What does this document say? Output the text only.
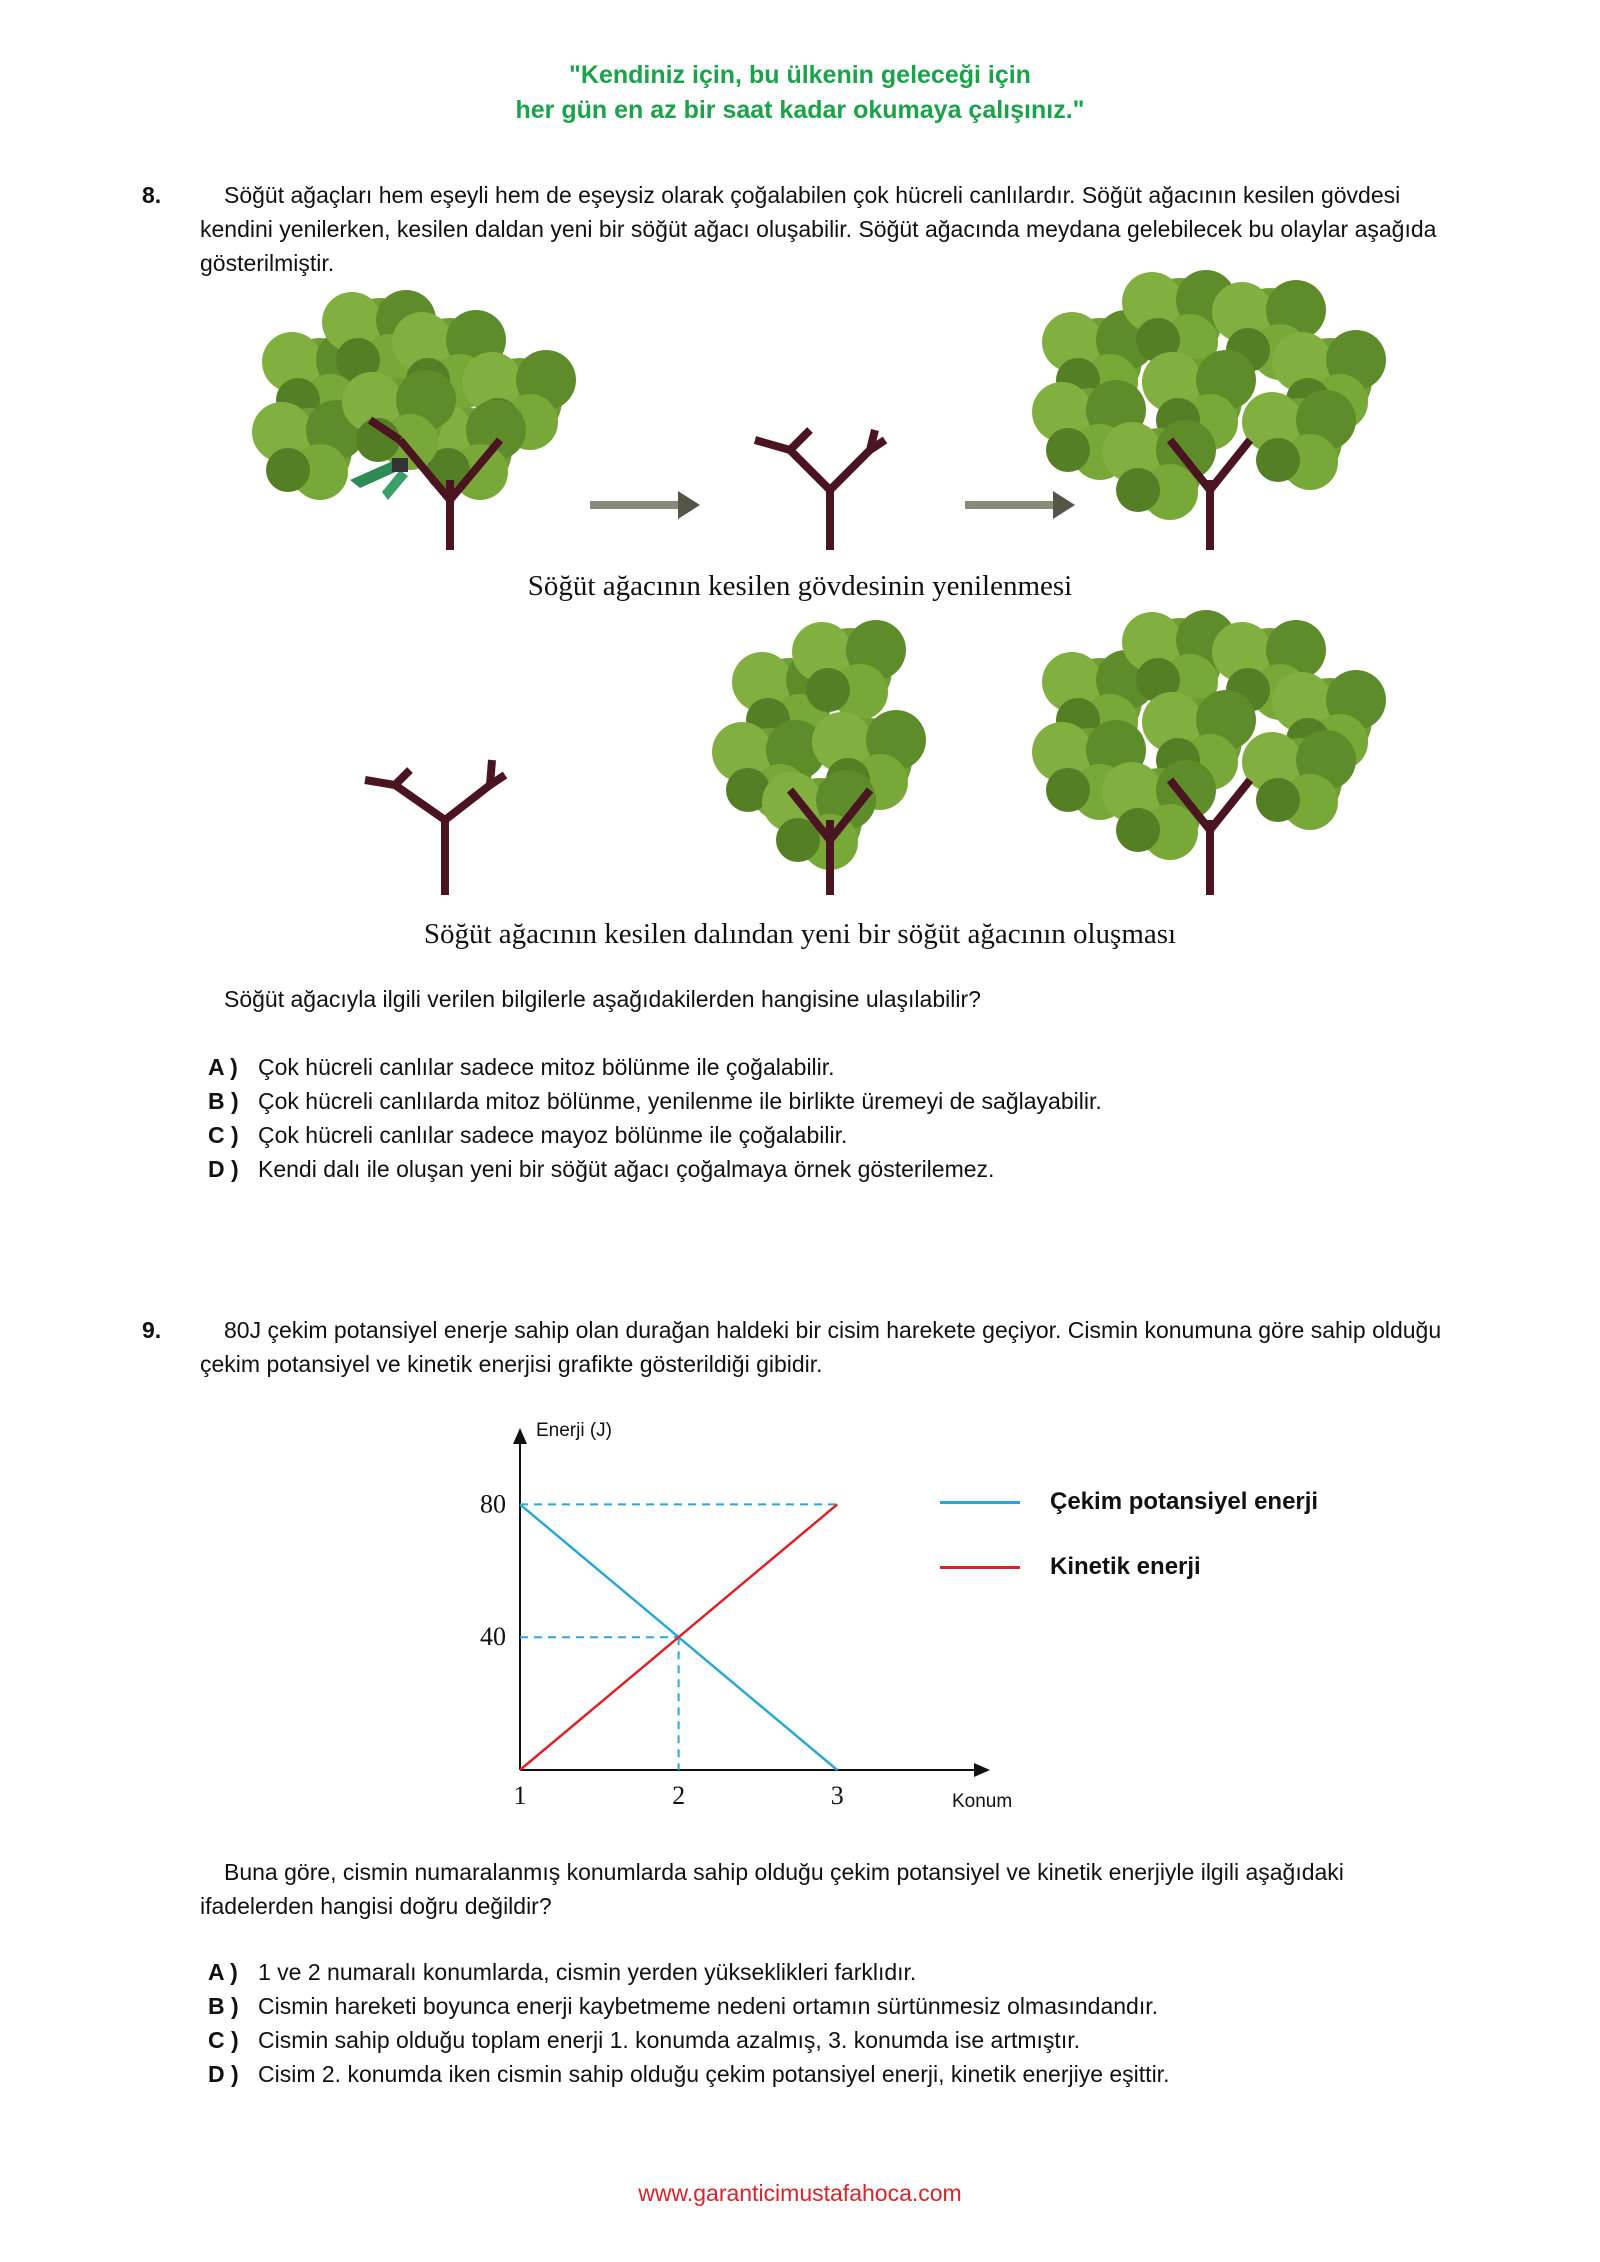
"Kendiniz için, bu ülkenin geleceği için
her gün en az bir saat kadar okumaya çalışınız."
8.	Söğüt ağaçları hem eşeyli hem de eşeysiz olarak çoğalabilen çok hücreli canlılardır. Söğüt ağacının kesilen gövdesi kendini yenilerken, kesilen daldan yeni bir söğüt ağacı oluşabilir. Söğüt ağacında meydana gelebilecek bu olaylar aşağıda gösterilmiştir.

Söğüt ağacının kesilen gövdesinin yenilenmesi
Söğüt ağacının kesilen dalından yeni bir söğüt ağacının oluşması

Söğüt ağacıyla ilgili verilen bilgilerle aşağıdakilerden hangisine ulaşılabilir?

A ) Çok hücreli canlılar sadece mitoz bölünme ile çoğalabilir.
B ) Çok hücreli canlılarda mitoz bölünme, yenilenme ile birlikte üremeyi de sağlayabilir.
C ) Çok hücreli canlılar sadece mayoz bölünme ile çoğalabilir.
D ) Kendi dalı ile oluşan yeni bir söğüt ağacı çoğalmaya örnek gösterilemez.
9.	80J çekim potansiyel enerje sahip olan durağan haldeki bir cisim harekete geçiyor. Cismin konumuna göre sahip olduğu çekim potansiyel ve kinetik enerjisi grafikte gösterildiği gibidir.

Enerji (J)
Konum
80
40
1	2	3
Çekim potansiyel enerji
Kinetik enerji

Buna göre, cismin numaralanmış konumlarda sahip olduğu çekim potansiyel ve kinetik enerjiyle ilgili aşağıdaki ifadelerden hangisi doğru değildir?

A ) 1 ve 2 numaralı konumlarda, cismin yerden yükseklikleri farklıdır.
B ) Cismin hareketi boyunca enerji kaybetmeme nedeni ortamın sürtünmesiz olmasındandır.
C ) Cismin sahip olduğu toplam enerji 1. konumda azalmış, 3. konumda ise artmıştır.
D ) Cisim 2. konumda iken cismin sahip olduğu çekim potansiyel enerji, kinetik enerjiye eşittir.
www.garanticimustafahoca.com
